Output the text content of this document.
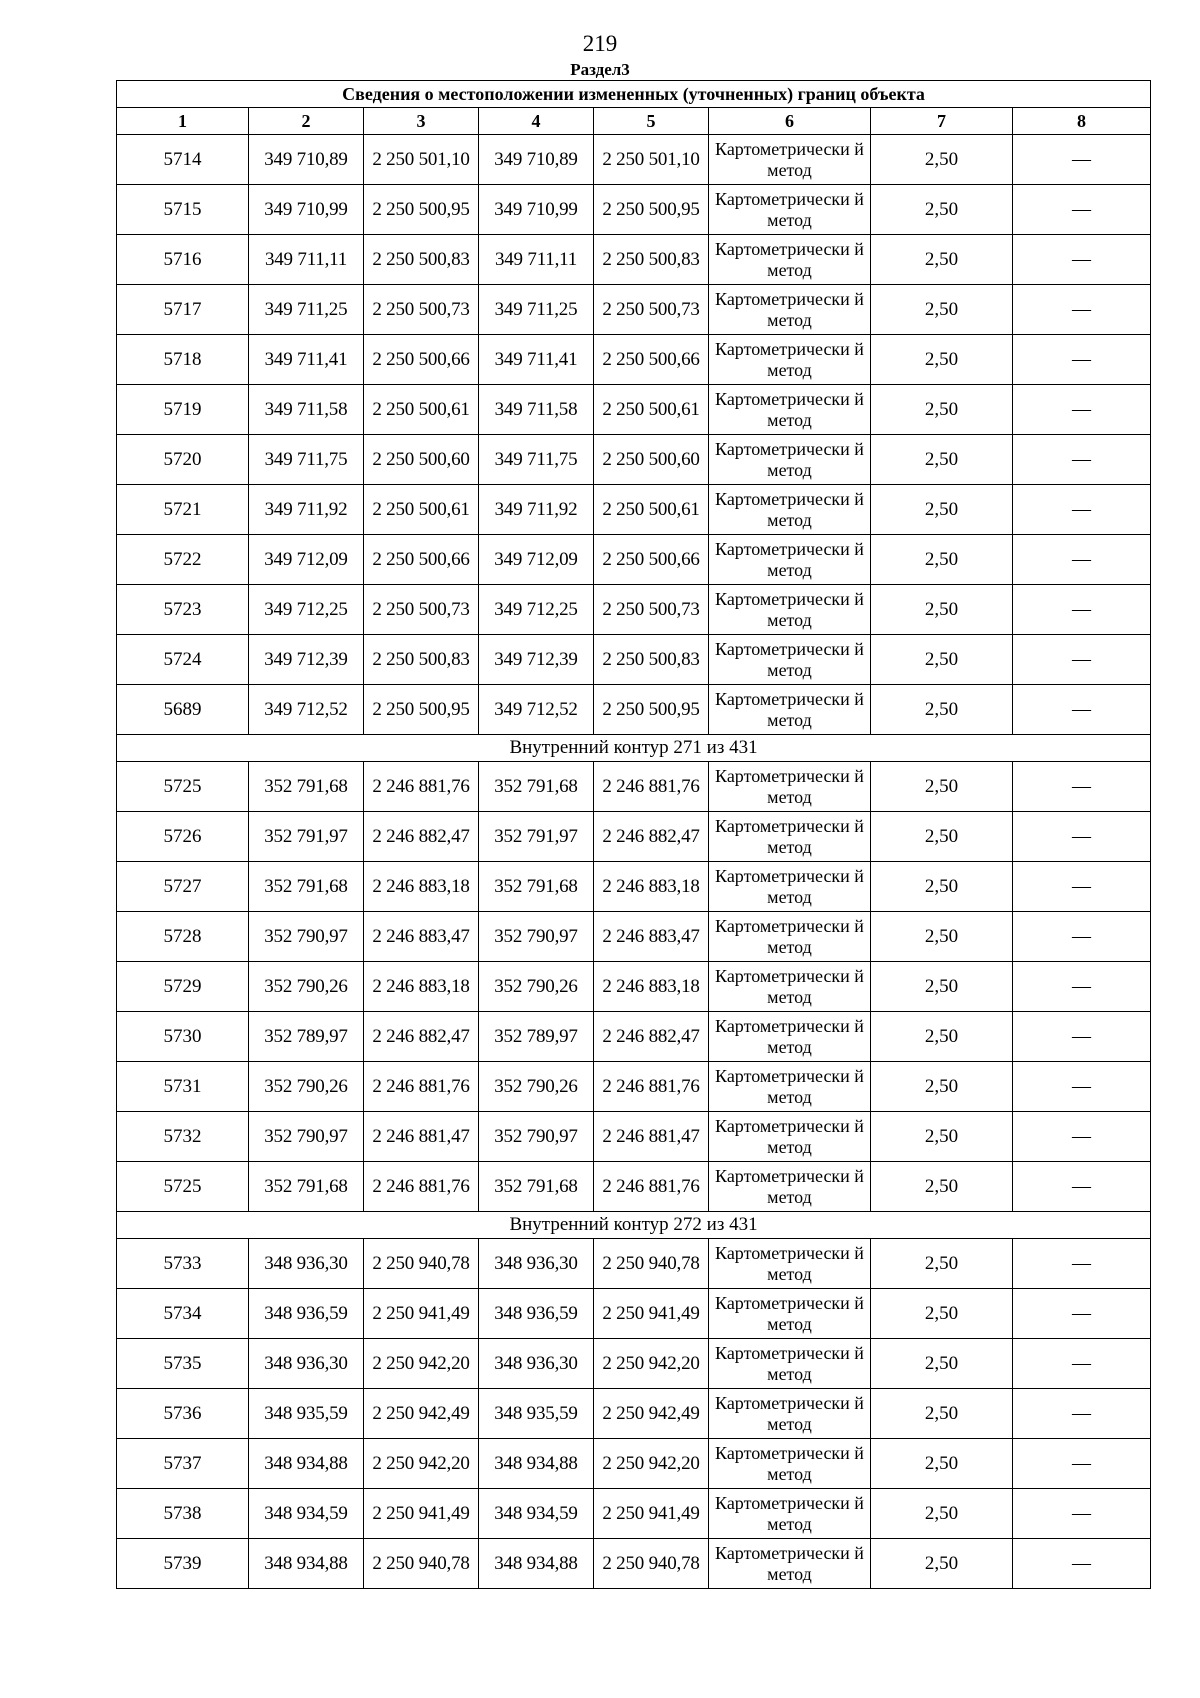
219
Раздел3
Сведения о местоположении измененных (уточненных) границ объекта							
1	2	3	4	5	6	7	8
5714	349 710,89	2 250 501,10	349 710,89	2 250 501,10	Картометрически й метод	2,50	—
5715	349 710,99	2 250 500,95	349 710,99	2 250 500,95	Картометрически й метод	2,50	—
5716	349 711,11	2 250 500,83	349 711,11	2 250 500,83	Картометрически й метод	2,50	—
5717	349 711,25	2 250 500,73	349 711,25	2 250 500,73	Картометрически й метод	2,50	—
5718	349 711,41	2 250 500,66	349 711,41	2 250 500,66	Картометрически й метод	2,50	—
5719	349 711,58	2 250 500,61	349 711,58	2 250 500,61	Картометрически й метод	2,50	—
5720	349 711,75	2 250 500,60	349 711,75	2 250 500,60	Картометрически й метод	2,50	—
5721	349 711,92	2 250 500,61	349 711,92	2 250 500,61	Картометрически й метод	2,50	—
5722	349 712,09	2 250 500,66	349 712,09	2 250 500,66	Картометрически й метод	2,50	—
5723	349 712,25	2 250 500,73	349 712,25	2 250 500,73	Картометрически й метод	2,50	—
5724	349 712,39	2 250 500,83	349 712,39	2 250 500,83	Картометрически й метод	2,50	—
5689	349 712,52	2 250 500,95	349 712,52	2 250 500,95	Картометрически й метод	2,50	—
Внутренний контур 271 из 431							
5725	352 791,68	2 246 881,76	352 791,68	2 246 881,76	Картометрически й метод	2,50	—
5726	352 791,97	2 246 882,47	352 791,97	2 246 882,47	Картометрически й метод	2,50	—
5727	352 791,68	2 246 883,18	352 791,68	2 246 883,18	Картометрически й метод	2,50	—
5728	352 790,97	2 246 883,47	352 790,97	2 246 883,47	Картометрически й метод	2,50	—
5729	352 790,26	2 246 883,18	352 790,26	2 246 883,18	Картометрически й метод	2,50	—
5730	352 789,97	2 246 882,47	352 789,97	2 246 882,47	Картометрически й метод	2,50	—
5731	352 790,26	2 246 881,76	352 790,26	2 246 881,76	Картометрически й метод	2,50	—
5732	352 790,97	2 246 881,47	352 790,97	2 246 881,47	Картометрически й метод	2,50	—
5725	352 791,68	2 246 881,76	352 791,68	2 246 881,76	Картометрически й метод	2,50	—
Внутренний контур 272 из 431							
5733	348 936,30	2 250 940,78	348 936,30	2 250 940,78	Картометрически й метод	2,50	—
5734	348 936,59	2 250 941,49	348 936,59	2 250 941,49	Картометрически й метод	2,50	—
5735	348 936,30	2 250 942,20	348 936,30	2 250 942,20	Картометрически й метод	2,50	—
5736	348 935,59	2 250 942,49	348 935,59	2 250 942,49	Картометрически й метод	2,50	—
5737	348 934,88	2 250 942,20	348 934,88	2 250 942,20	Картометрически й метод	2,50	—
5738	348 934,59	2 250 941,49	348 934,59	2 250 941,49	Картометрически й метод	2,50	—
5739	348 934,88	2 250 940,78	348 934,88	2 250 940,78	Картометрически й метод	2,50	—
